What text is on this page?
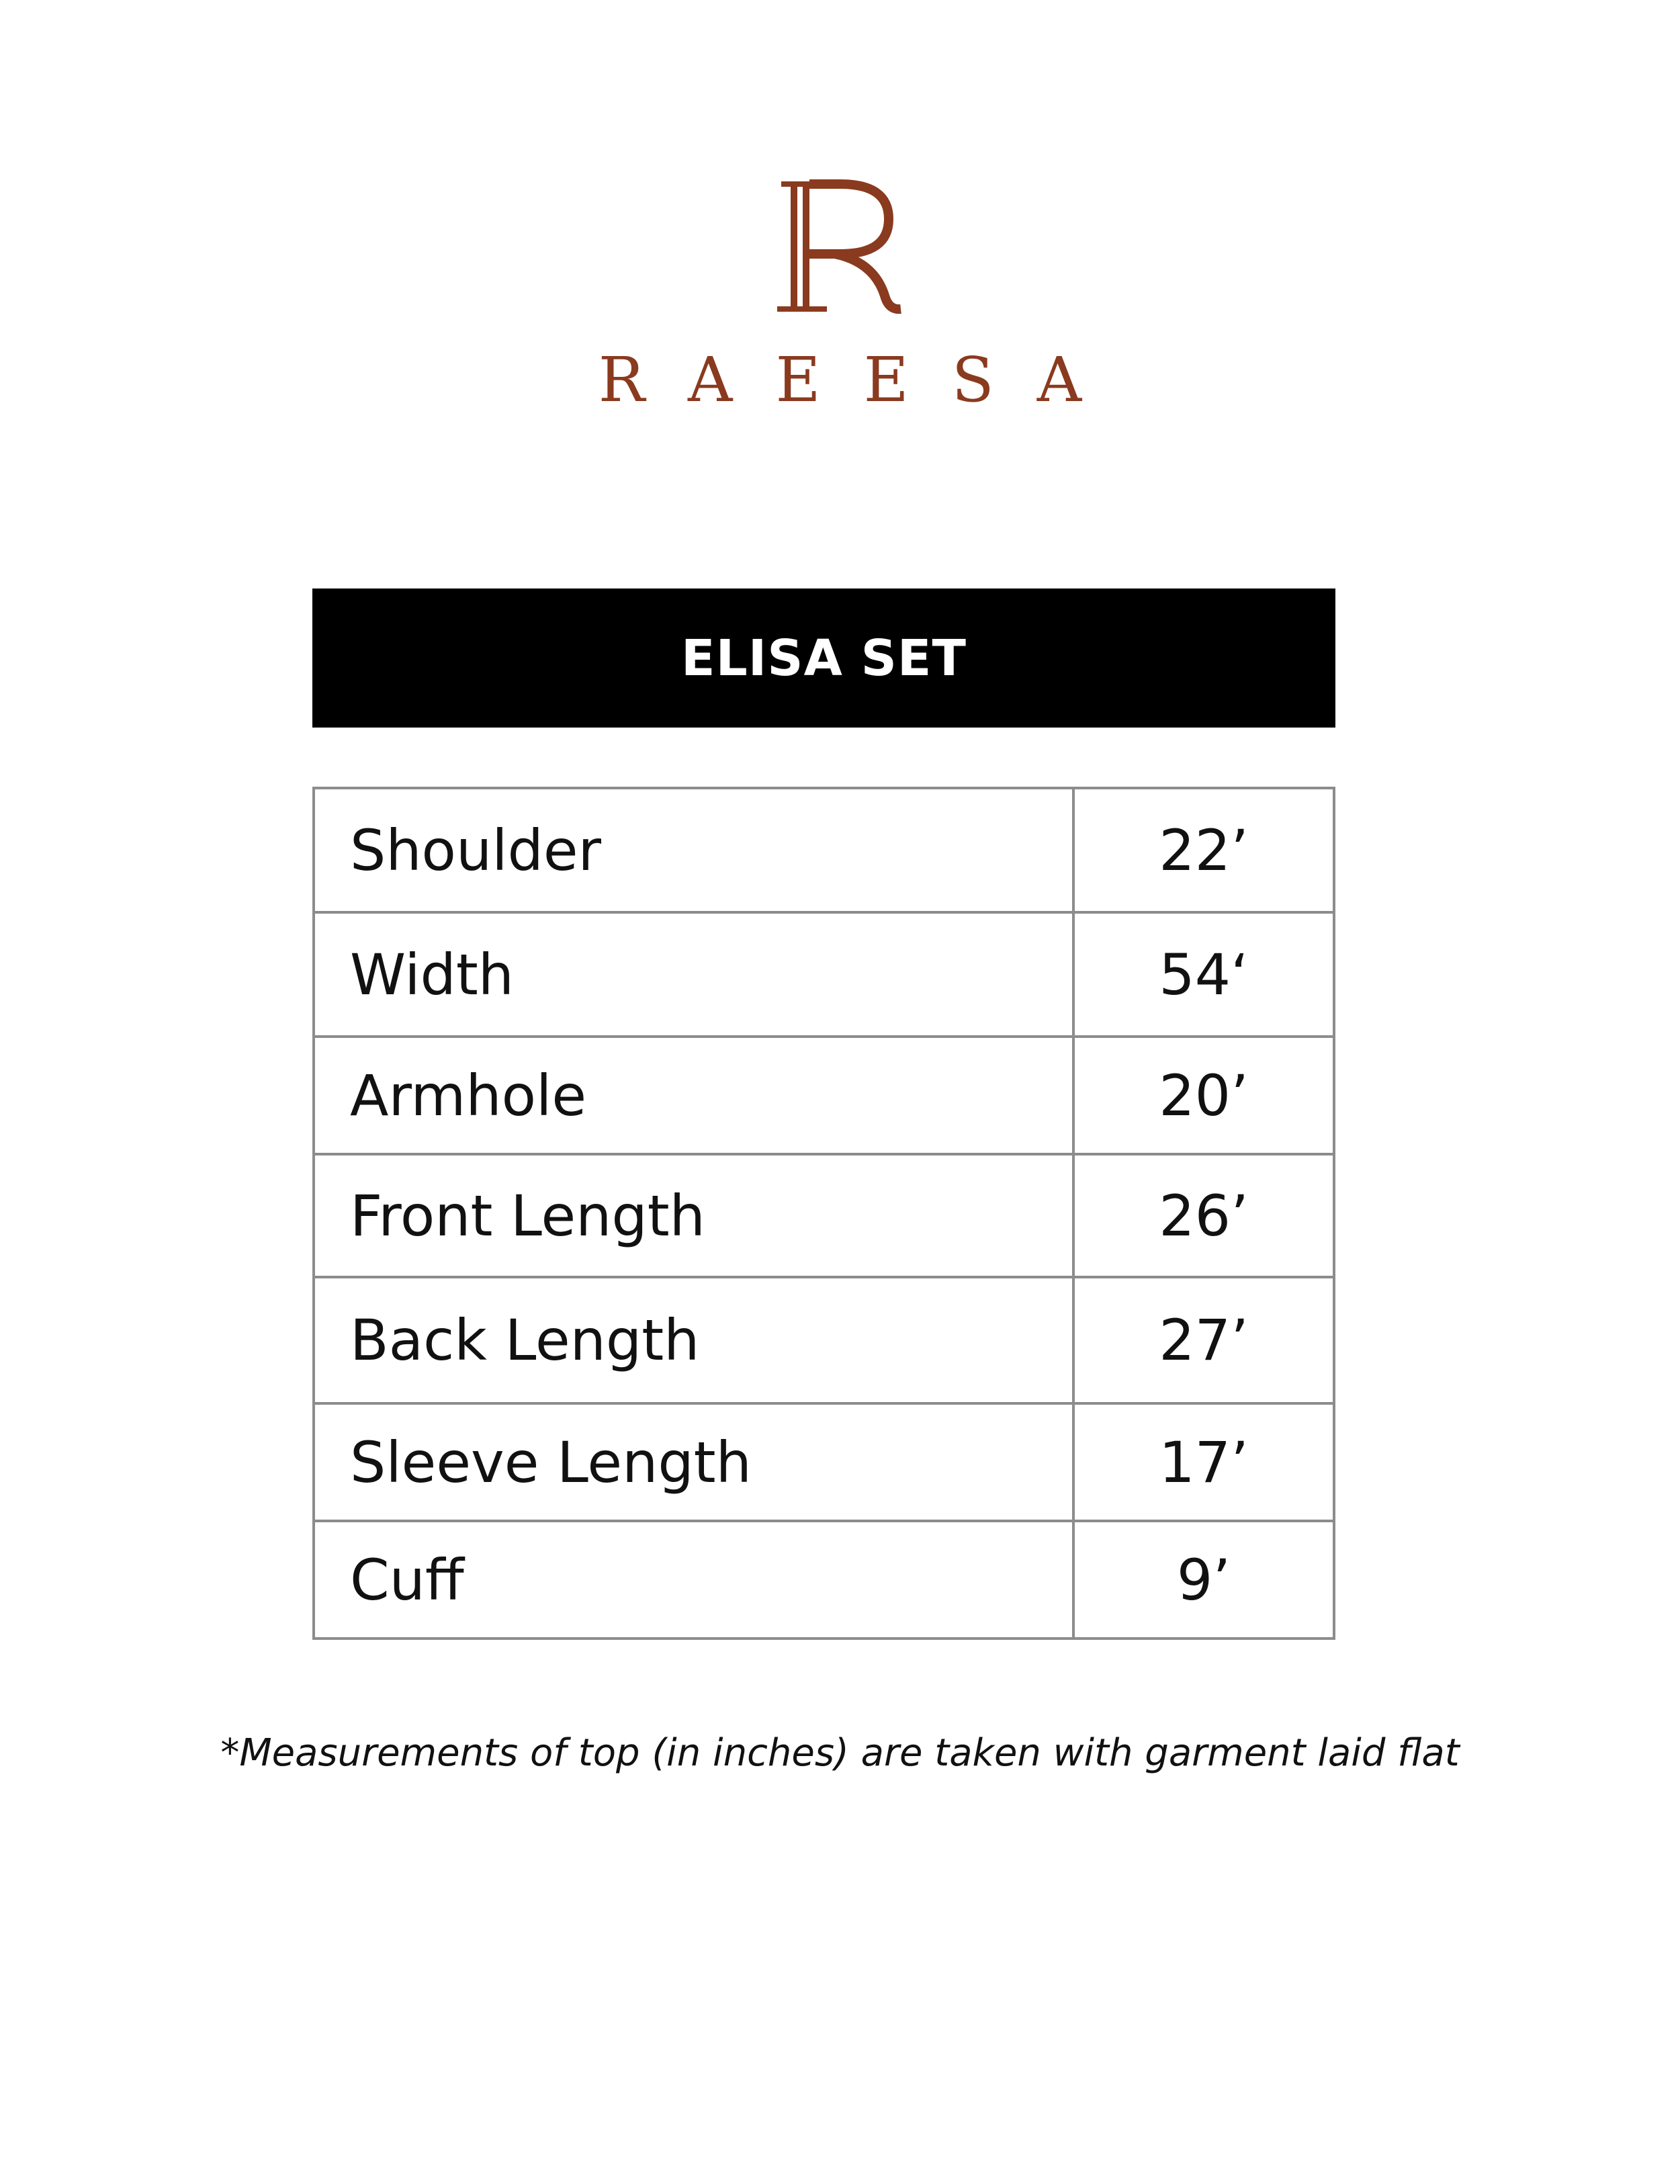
RAEESA
ELISA SET
Shoulder	22’
Width	54‘
Armhole	20’
Front Length	26’
Back Length	27’
Sleeve Length	17’
Cuff	9’
*Measurements of top (in inches) are taken with garment laid flat
